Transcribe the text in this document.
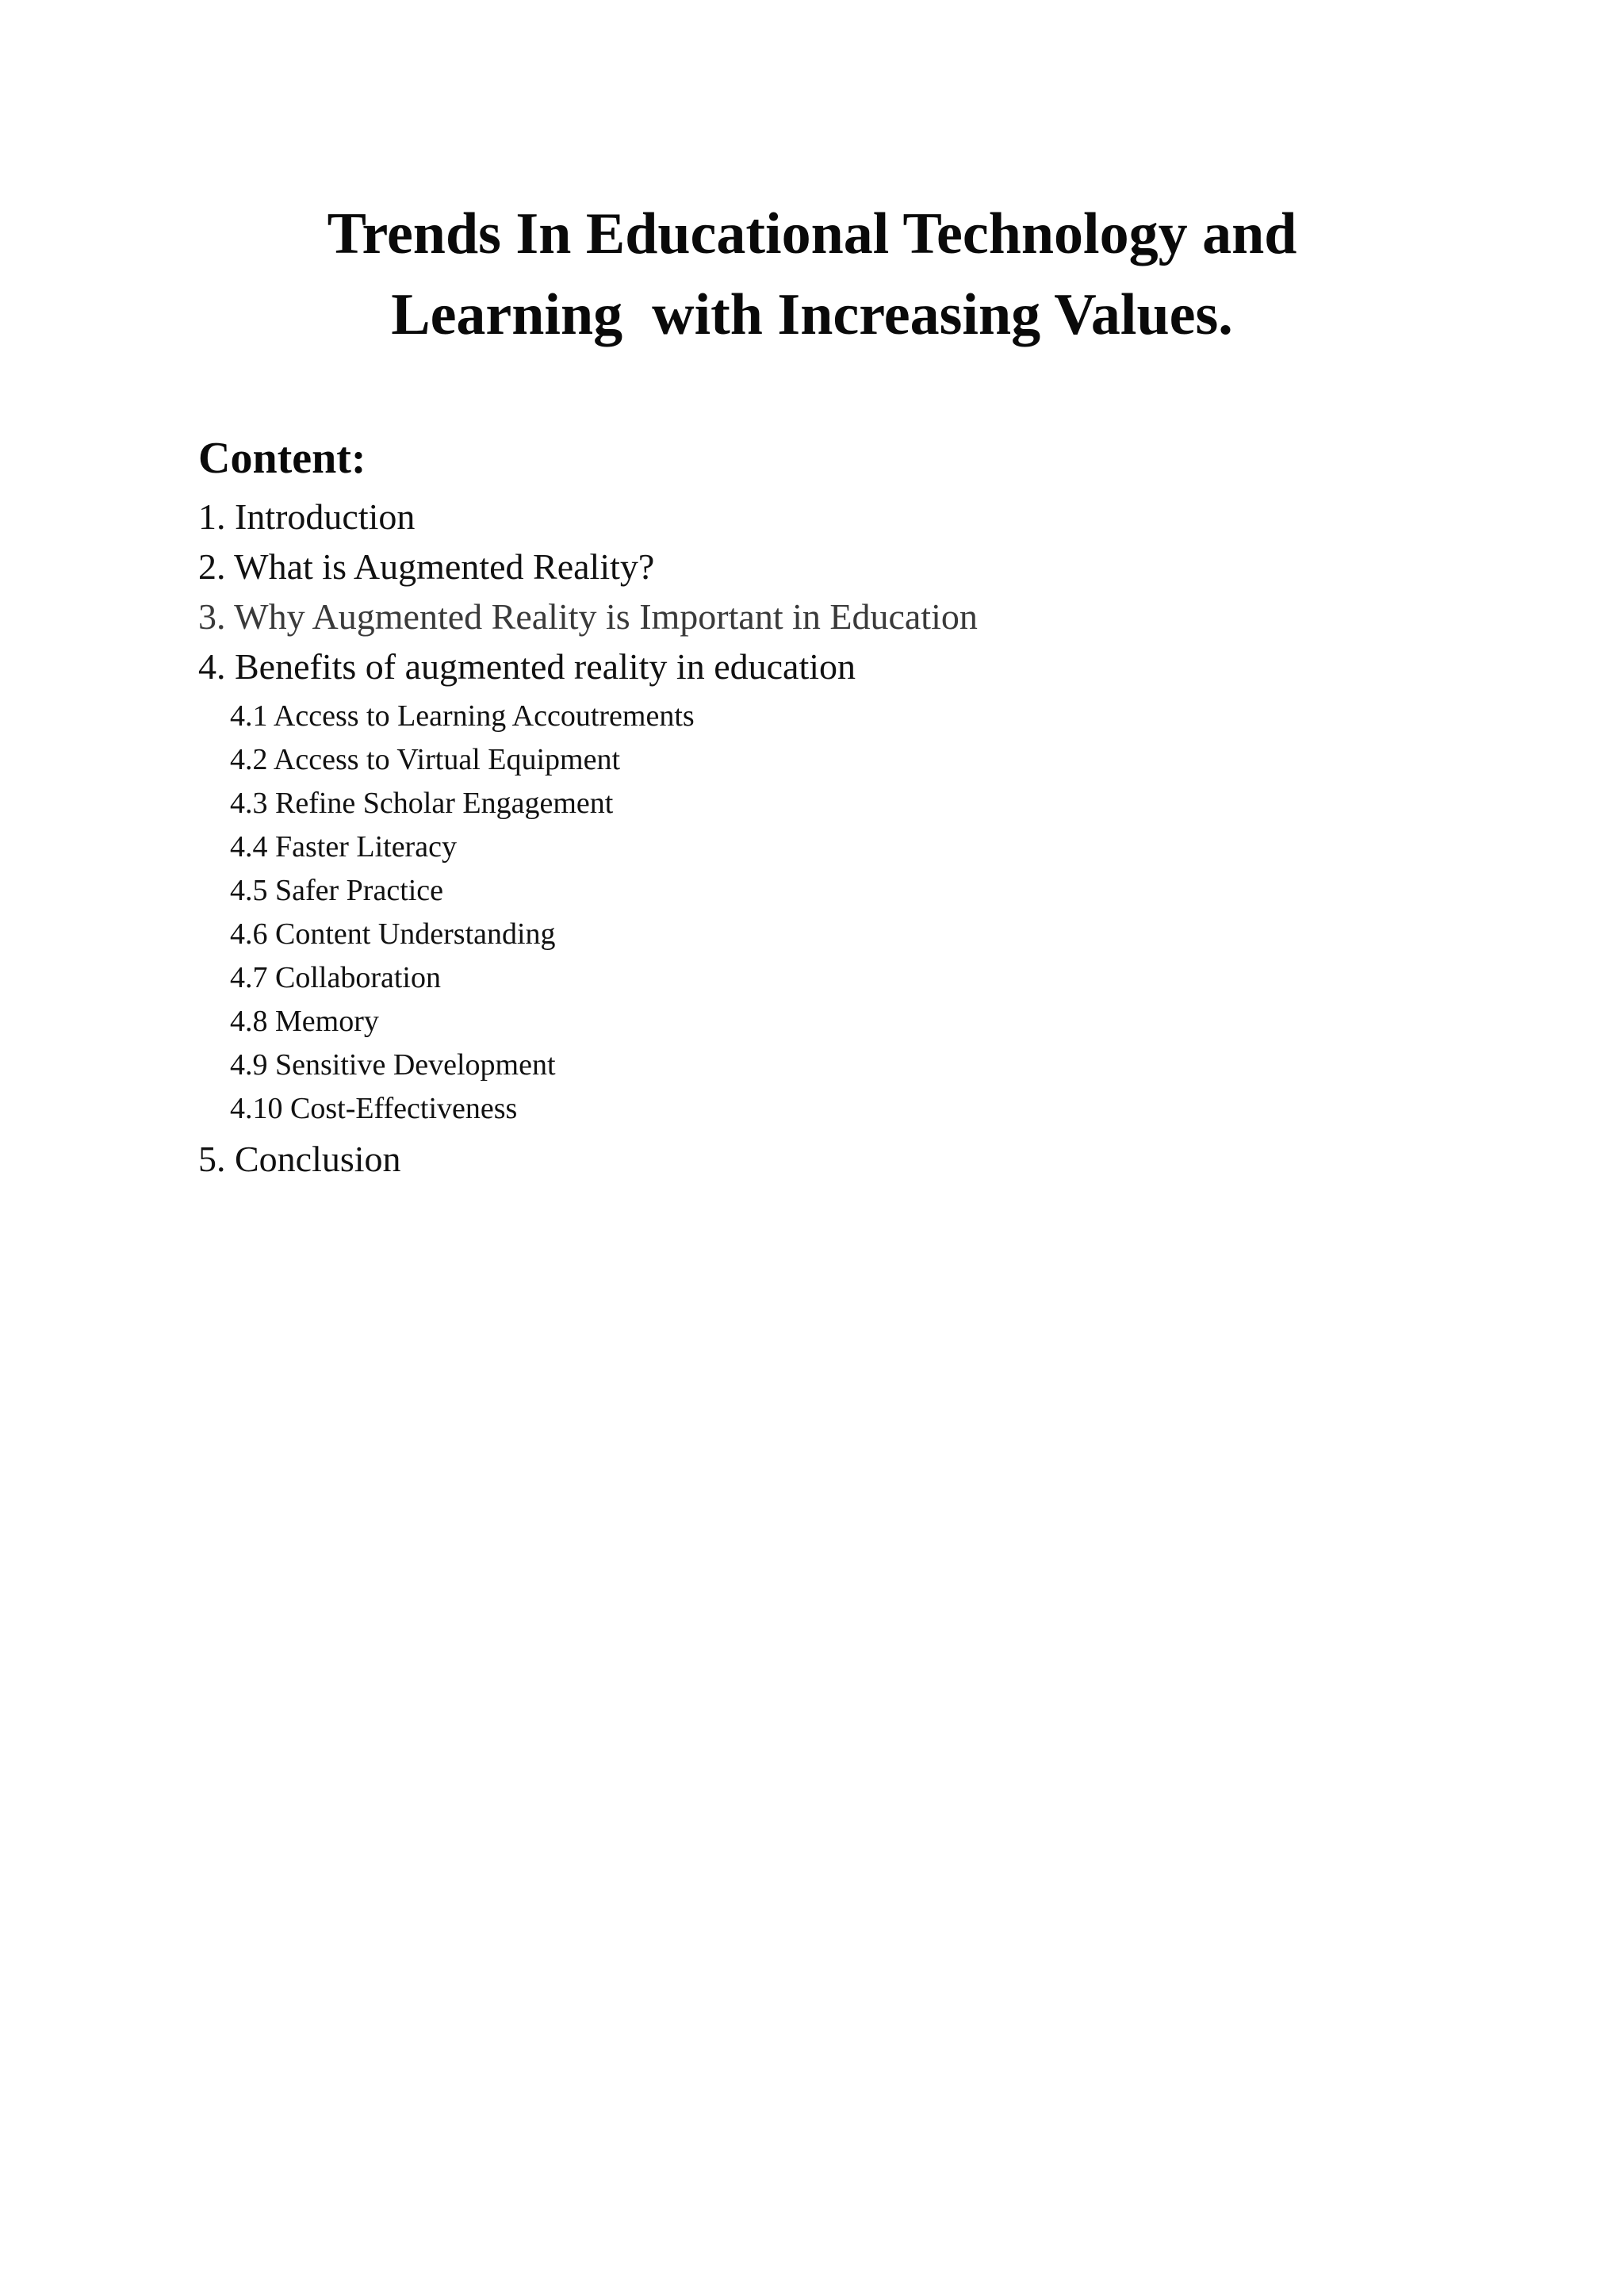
Trends In Educational Technology and
Learning  with Increasing Values.
Content:
1. Introduction
2. What is Augmented Reality?
3. Why Augmented Reality is Important in Education
4. Benefits of augmented reality in education
4.1 Access to Learning Accoutrements
4.2 Access to Virtual Equipment
4.3 Refine Scholar Engagement
4.4 Faster Literacy
4.5 Safer Practice
4.6 Content Understanding
4.7 Collaboration
4.8 Memory
4.9 Sensitive Development
4.10 Cost-Effectiveness
5. Conclusion
